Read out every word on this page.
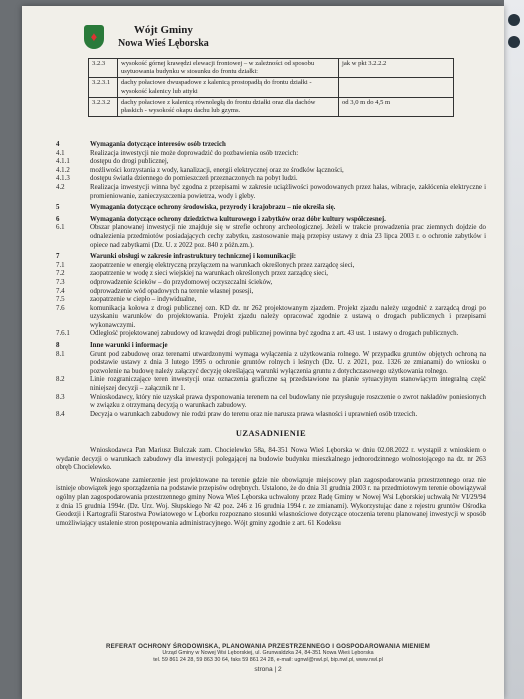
♦	Wójt Gminy
Nowa Wieś Lęborska
3.2.3	wysokość górnej krawędzi elewacji frontowej – w zależności od sposobu usytuowania budynku w stosunku do frontu działki:	jak w pkt 3.2.2.2
3.2.3.1	dachy połaciowe dwuspadowe z kalenicą prostopadłą do frontu działki - wysokość kalenicy lub attyki	
3.2.3.2	dachy połaciowe z kalenicą równoległą do frontu działki oraz dla dachów płaskich - wysokość okapu dachu lub gzyms.	od 3,0 m do 4,5 m
4	Wymagania dotyczące interesów osób trzecich
4.1	Realizacja inwestycji nie może doprowadzić do pozbawienia osób trzecich:
4.1.1	dostępu do drogi publicznej,
4.1.2	możliwości korzystania z wody, kanalizacji, energii elektrycznej oraz ze środków łączności,
4.1.3	dostępu światła dziennego do pomieszczeń przeznaczonych na pobyt ludzi.
4.2	Realizacja inwestycji winna być zgodna z przepisami w zakresie uciążliwości powodowanych przez hałas, wibracje, zakłócenia elektryczne i promieniowanie, zanieczyszczenia powietrza, wody i gleby.
5	Wymagania dotyczące ochrony środowiska, przyrody i krajobrazu – nie określa się.
6	Wymagania dotyczące ochrony dziedzictwa kulturowego i zabytków oraz dóbr kultury współczesnej.
6.1	Obszar planowanej inwestycji nie znajduje się w strefie ochrony archeologicznej. Jeżeli w trakcie prowadzenia prac ziemnych dojdzie do odnalezienia przedmiotów posiadających cechy zabytku, zastosowanie mają przepisy ustawy z dnia 23 lipca 2003 r. o ochronie zabytków i opiece nad zabytkami (Dz. U. z 2022 poz. 840 z późn.zm.).
7	Warunki obsługi w zakresie infrastruktury technicznej i komunikacji:
7.1	zaopatrzenie w energię elektryczną przyłączem na warunkach określonych przez zarządcę sieci,
7.2	zaopatrzenie w wodę z sieci wiejskiej na warunkach określonych przez zarządcę sieci,
7.3	odprowadzenie ścieków – do przydomowej oczyszczalni ścieków,
7.4	odprowadzenie wód opadowych na terenie własnej posesji,
7.5	zaopatrzenie w ciepło – indywidualne,
7.6	komunikacja kołowa z drogi publicznej ozn. KD dz. nr 262 projektowanym zjazdem. Projekt zjazdu należy uzgodnić z zarządcą drogi po uzyskaniu warunków do projektowania. Projekt zjazdu należy opracować zgodnie z ustawą o drogach publicznych i przepisami wykonawczymi.
7.6.1	Odległość projektowanej zabudowy od krawędzi drogi publicznej powinna być zgodna z art. 43 ust. 1 ustawy o drogach publicznych.
8	Inne warunki i informacje
8.1	Grunt pod zabudowę oraz terenami utwardzonymi wymaga wyłączenia z użytkowania rolnego. W przypadku gruntów objętych ochroną na podstawie ustawy z dnia 3 lutego 1995 o ochronie gruntów rolnych i leśnych (Dz. U. z 2021, poz. 1326 ze zmianami) do wniosku o pozwolenie na budowę należy załączyć decyzję określającą warunki wyłączenia gruntu z dotychczasowego użytkowania rolnego.
8.2	Linie rozgraniczające teren inwestycji oraz oznaczenia graficzne są przedstawione na planie sytuacyjnym stanowiącym integralną część niniejszej decyzji – załącznik nr 1.
8.3	Wnioskodawcy, który nie uzyskał prawa dysponowania terenem na cel budowlany nie przysługuje roszczenie o zwrot nakładów poniesionych w związku z otrzymaną decyzją o warunkach zabudowy.
8.4	Decyzja o warunkach zabudowy nie rodzi praw do terenu oraz nie narusza prawa własności i uprawnień osób trzecich.
UZASADNIENIE
Wnioskodawca Pan Mariusz Bulczak zam. Chocielewko 58a, 84-351 Nowa Wieś Lęborska w dniu 02.08.2022 r. wystąpił z wnioskiem o wydanie decyzji o warunkach zabudowy dla inwestycji polegającej na budowie budynku mieszkalnego jednorodzinnego wolnostojącego na dz. nr 263 obręb Chocielewko.
Wnioskowane zamierzenie jest projektowane na terenie gdzie nie obowiązuje miejscowy plan zagospodarowania przestrzennego oraz nie istnieje obowiązek jego sporządzenia na podstawie przepisów odrębnych. Ustalono, że do dnia 31 grudnia 2003 r. na przedmiotowym terenie obowiązywał ogólny plan zagospodarowania przestrzennego gminy Nowa Wieś Lęborska uchwalony przez Radę Gminy w Nowej Wsi Lęborskiej uchwałą Nr VI/29/94 z dnia 15 grudnia 1994r. (Dz. Urz. Woj. Słupskiego Nr 42 poz. 246 z 16 grudnia 1994 r. ze zmianami). Wykorzystując dane z rejestru gruntów Ośrodka Geodezji i Kartografii Starostwa Powiatowego w Lęborku rozpoznano stosunki własnościowe dotyczące otoczenia terenu planowanej inwestycji w sposób umożliwiający ustalenie stron postępowania administracyjnego. Wójt gminy zgodnie z art. 61 Kodeksu
REFERAT OCHRONY ŚRODOWISKA, PLANOWANIA PRZESTRZENNEGO I GOSPODAROWANIA MIENIEM
Urząd Gminy w Nowej Wsi Lęborskiej, ul. Grunwaldzka 24, 84-351 Nowa Wieś Lęborska
tel. 59 861 24 28, 59 863 30 64, faks 59 861 24 28, e-mail: ugnwl@nwl.pl, bip.nwl.pl, www.nwl.pl
strona | 2
